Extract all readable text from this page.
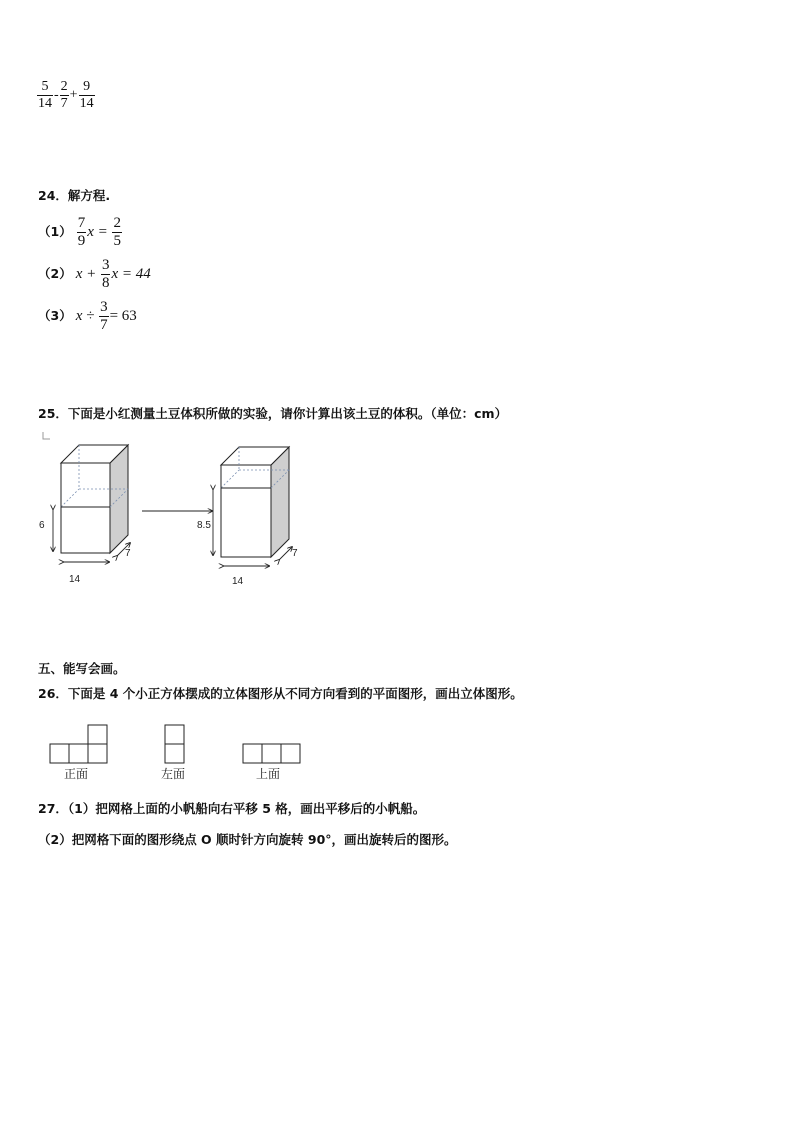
$\frac{5}{14} - \frac{2}{7} + \frac{9}{14}$
24．解方程.
$(1) \frac{7}{9}$ $x = \frac{2}{5}$
（2） $x + \frac{3}{8}$ x = 44
（3） $x \div \frac{3}{7} = 63$
25．下面是小红测量土豆体积所做的实验，请你计算出该土豆的体积。（单位：cm）
6
14
7
8.5
14
7
五、能写会画。
26．下面是 4 个小正方体摆成的立体图形从不同方向看到的平面图形，画出立体图形。
正面	左面	上面
27．（1）把网格上面的小帆船向右平移 5 格，画出平移后的小帆船。
（2）把网格下面的图形绕点 O 顺时针方向旋转 90°，画出旋转后的图形。
